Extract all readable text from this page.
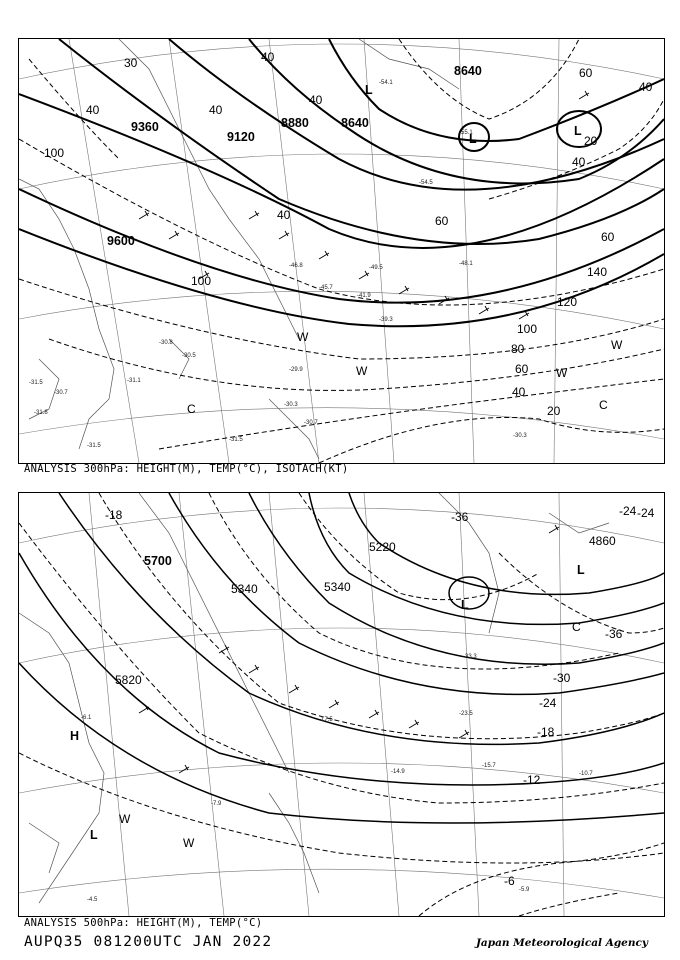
9360
9120
8880	8640
8640
9600
30
40	40
40
100
40
40	60
100
120
140
60
100
80
60
40
20
20
40
60
40
-31.5
-30.7
-31.8
-31.5
-30.5
-30.8
-31.1
-29.9
-30.3
-30.7
-31.5
-30.3
-54.1
-55.1
-54.5
-49.5
-46.8	-48.1
-39.3
-41.9
-45.7
L
L
L
W
W	W
W
C	C
ANALYSIS 300hPa: HEIGHT(M), TEMP(°C), ISOTACH(KT)
5700
5820
5340
5220
5340
4860
-18	-24
-36
-36
-30
-24
-18
-12
-6
-24
-15.7
-10.7
-14.9
-17.5
-23.5
-33.3
-5.9
-4.5
-6.1
-7.9
H
L
L
L
W
W
C
ANALYSIS 500hPa: HEIGHT(M), TEMP(°C)
AUPQ35 081200UTC JAN 2022	Japan Meteorological Agency
